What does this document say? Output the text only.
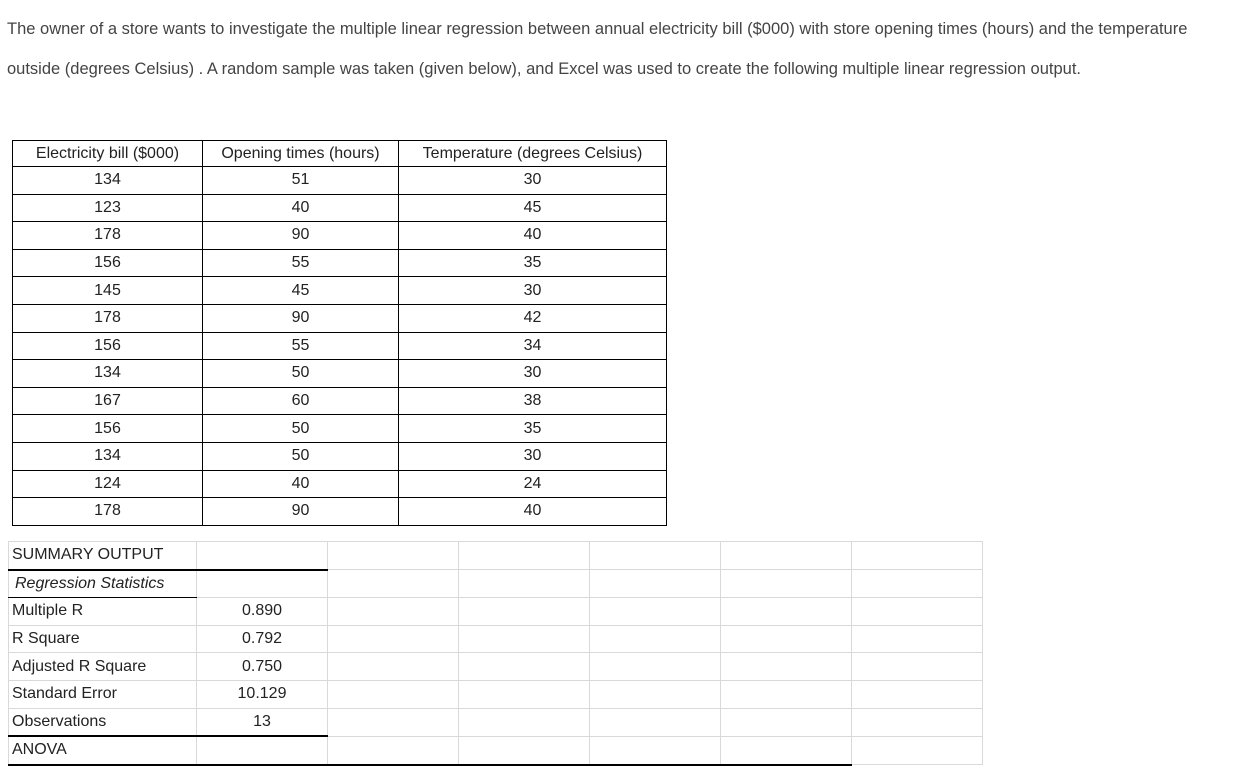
The owner of a store wants to investigate the multiple linear regression between annual electricity bill ($000) with store opening times (hours) and the temperature outside (degrees Celsius) . A random sample was taken (given below), and Excel was used to create the following multiple linear regression output.

Electricity bill ($000)	Opening times (hours)	Temperature (degrees Celsius)
134	51	30
123	40	45
178	90	40
156	55	35
145	45	30
178	90	42
156	55	34
134	50	30
167	60	38
156	50	35
134	50	30
124	40	24
178	90	40
SUMMARY OUTPUT						
Regression Statistics						
Multiple R	0.890					
R Square	0.792					
Adjusted R Square	0.750					
Standard Error	10.129					
Observations	13					
ANOVA						
